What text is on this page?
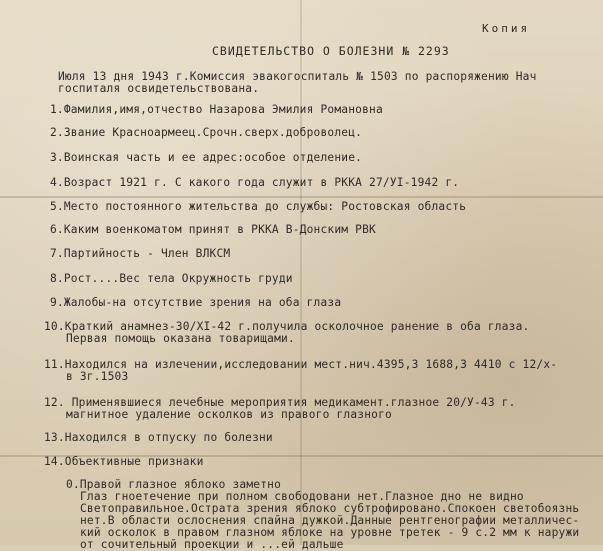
Копия
СВИДЕТЕЛЬСТВО О БОЛЕЗНИ № 2293
Июля 13 дня 1943 г.Комиссия эвакогоспиталь № 1503 по распоряжению Нач
госпиталя освидетельствована.
1.Фамилия,имя,отчество Назарова Эмилия Романовна
2.Звание Красноармеец.Срочн.сверх.доброволец.
3.Воинская часть и ее адрес:особое отделение.
4.Возраст 1921 г. С какого года служит в РККА 27/УI-1942 г.
5.Место постоянного жительства до службы: Ростовская область
6.Каким военкоматом принят в РККА В-Донским РВК
7.Партийность - Член ВЛКСМ
8.Рост....Вес тела Окружность груди
9.Жалобы-на отсутствие зрения на оба глаза
10.Краткий анамнез-30/XI-42 г.получила осколочное ранение в оба глаза.
Первая помощь оказана товарищами.
11.Находился на излечении,исследовании мест.нич.4395,3 1688,3 4410 с 12/х-
в 3г.1503
12. Применявшиеся лечебные мероприятия медикамент.глазное 20/У-43 г.
магнитное удаление осколков из правого глазного
13.Находился в отпуску по болезни
14.Объективные признаки
0.Правой глазное яблоко заметно
Глаз гноетечение при полном свободовани нет.Глазное дно не видно
Светоправильное.Острата зрения яблоко субтрофировано.Спокоен светобоязнь
нет.В области ослоснения спайна дужкой.Данные рентгенографии металличес-
кий осколок в правом глазном яблоке на уровне третек - 9 с.2 мм к наружи
от сочительный проекции и ...ей дальше
